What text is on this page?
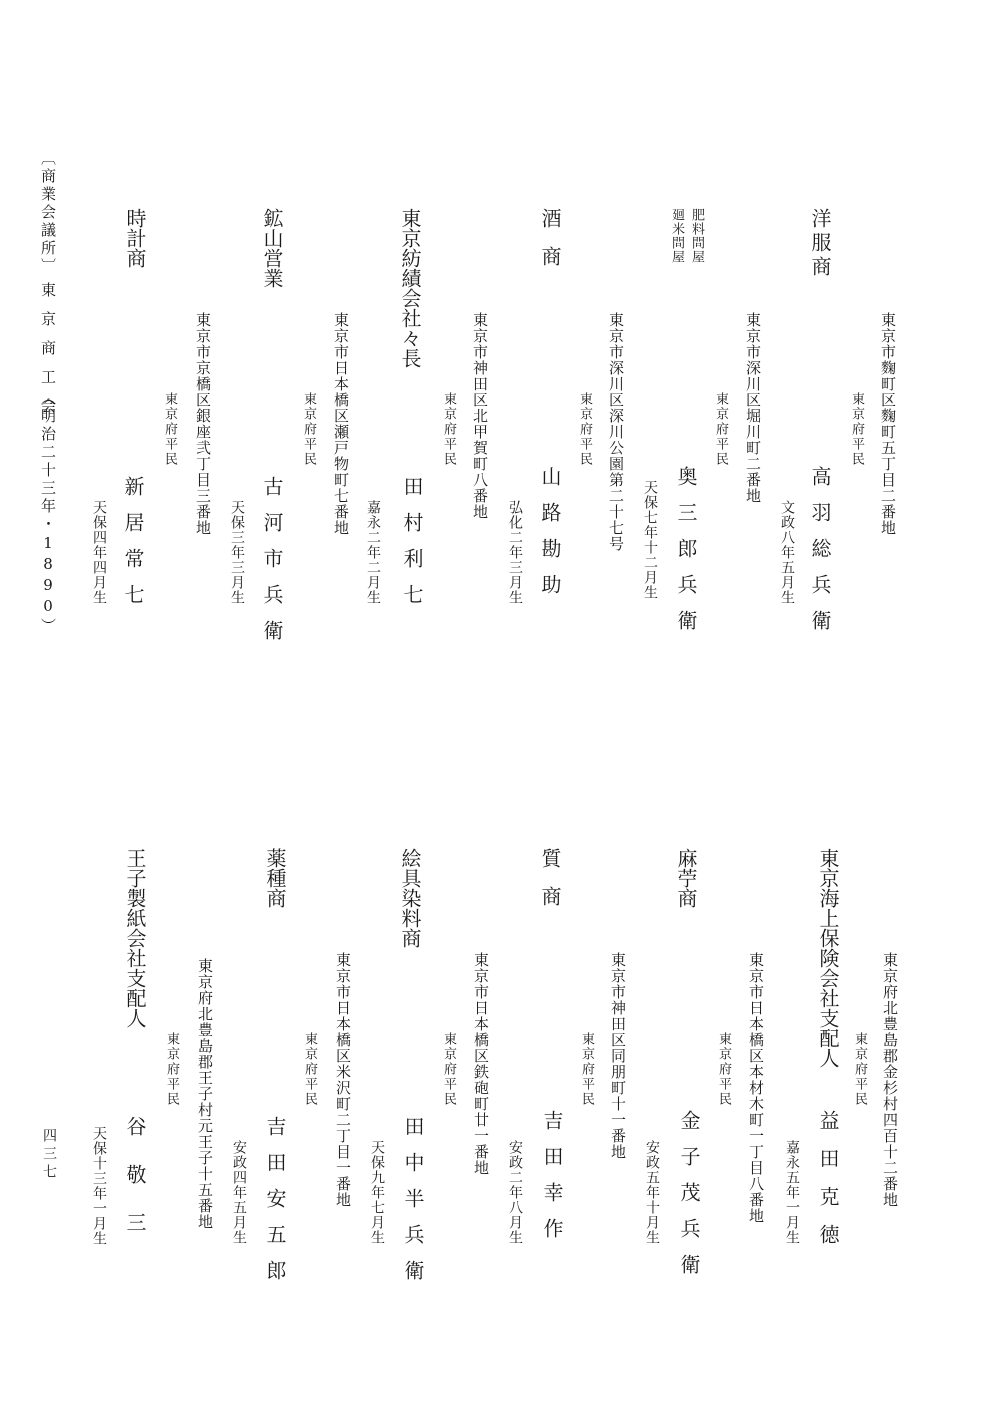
〔商業会議所〕
東京商工会
（明治二十三年・1890）
四三七
洋服商
東京市麴町区麴町五丁目二番地
東京府平民
高羽総兵衛
文政八年五月生
肥料問屋
廻米問屋
東京市深川区堀川町二番地
東京府平民
奥三郎兵衛
天保七年十二月生
酒商
東京市深川区深川公園第二十七号
東京府平民
山路勘助
弘化二年三月生
東京紡績会社々長
東京市神田区北甲賀町八番地
東京府平民
田村利七
嘉永二年二月生
鉱山営業
東京市日本橋区瀬戸物町七番地
東京府平民
古河市兵衛
天保三年三月生
時計商
東京市京橋区銀座弐丁目三番地
東京府平民
新居常七
天保四年四月生
東京海上保険会社支配人	東京府北豊島郡金杉村四百十二番地
東京府平民
益田克徳
嘉永五年一月生
麻苧商
東京市日本橋区本材木町一丁目八番地
東京府平民
金子茂兵衛
安政五年十月生
質商
東京市神田区同朋町十一番地
東京府平民
吉田幸作
安政二年八月生
絵具染料商
東京市日本橋区鉄砲町廿一番地
東京府平民
田中半兵衛
天保九年七月生
薬種商
東京市日本橋区米沢町二丁目一番地
東京府平民
吉田安五郎
安政四年五月生
王子製紙会社支配人
東京府北豊島郡王子村元王子十五番地
東京府平民
谷敬三
天保十三年一月生
